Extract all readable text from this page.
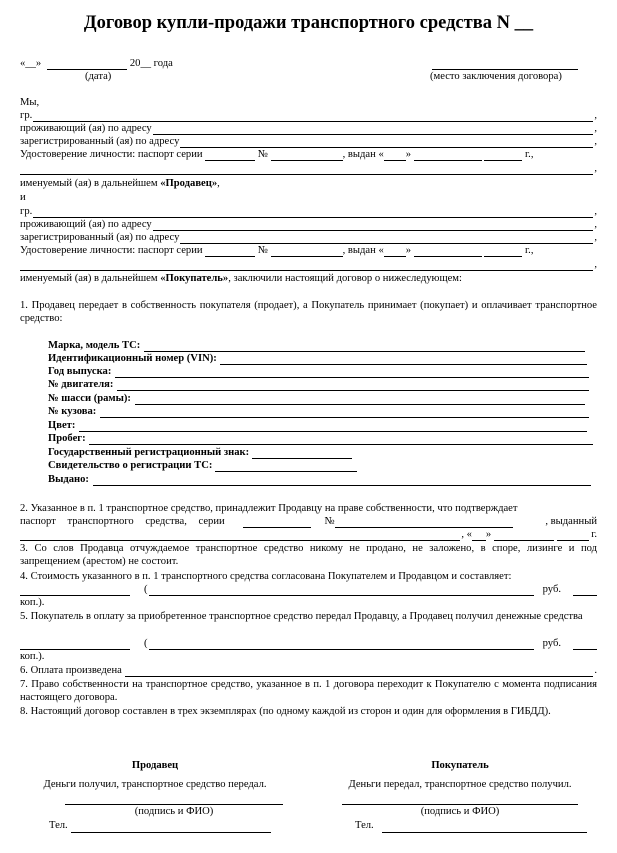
Договор купли-продажи транспортного средства N __
«__»	20__ года
(дата)	(место заключения договора)
Мы,
гр.	,
проживающий (ая) по адресу	,
зарегистрированный (ая) по адресу	,
Удостоверение личности: паспорт серии

	№
	, выдан « »

	г.,
,
именуемый (ая) в дальнейшем
«Продавец» ,
и
гр.	,
проживающий (ая) по адресу	,
зарегистрированный (ая) по адресу	,
Удостоверение личности: паспорт серии

	№
	, выдан « »

	г.,
,
именуемый (ая) в дальнейшем
«Покупатель» , заключили настоящий договор о нижеследующем:
1. Продавец передает в собственность покупателя (продает), а Покупатель принимает (покупает) и оплачивает транспортное средство:
Марка, модель ТС:

Идентификационный номер (VIN):

Год выпуска:

№ двигателя:

№ шасси (рамы):

№ кузова:

Цвет:

Пробег:

Государственный регистрационный знак:

Свидетельство о регистрации ТС:

Выдано:

2. Указанное в п. 1 транспортное средство, принадлежит Продавцу на праве собственности, что подтверждает
паспорт транспортного средства, серии	№	, выданный
, « »

	г.
3. Со слов Продавца отчуждаемое транспортное средство никому не продано, не заложено, в споре, лизинге и под запрещением (арестом) не состоит.
4. Стоимость указанного в п. 1 транспортного средства согласована Покупателем и Продавцом и составляет:
(	руб.
коп.).
5. Покупатель в оплату за приобретенное транспортное средство передал Продавцу, а Продавец получил денежные средства
(	руб.
коп.).
6. Оплата произведена
	.
7. Право собственности на транспортное средство, указанное в п. 1 договора переходит к Покупателю с момента подписания настоящего договора.
8. Настоящий договор составлен в трех экземплярах (по одному каждой из сторон и один для оформления в ГИБДД).
Продавец
Деньги получил, транспортное средство передал.
(подпись и ФИО)
Тел.
Покупатель
Деньги передал, транспортное средство получил.
(подпись и ФИО)
Тел.
